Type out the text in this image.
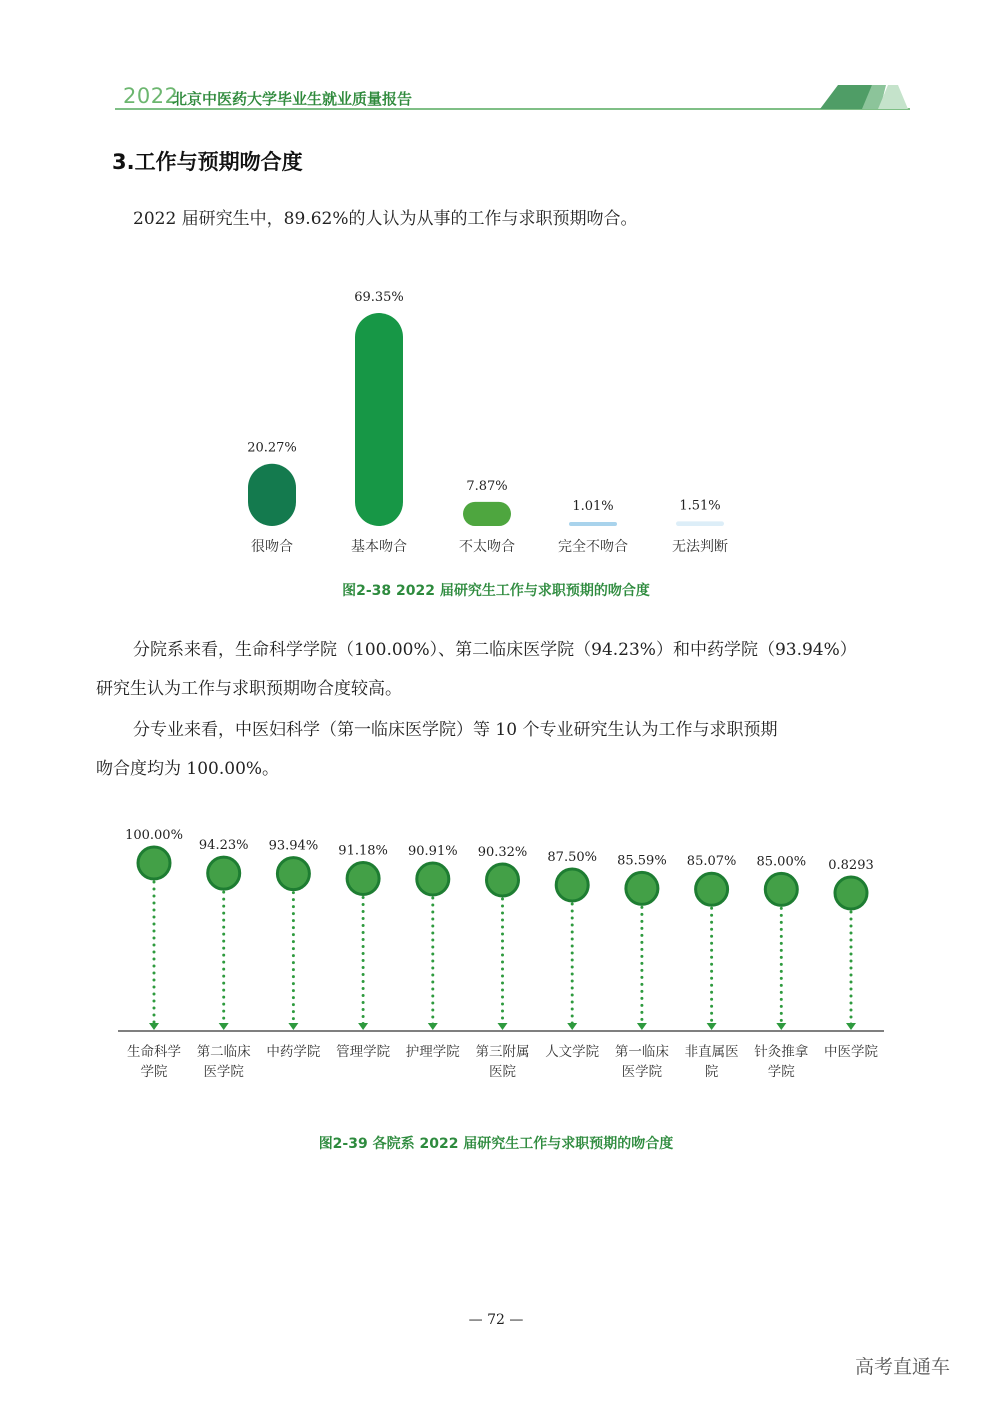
2022
北京中医药大学毕业生就业质量报告
3.工作与预期吻合度
2022 届研究生中，89.62%的人认为从事的工作与求职预期吻合。
20.27%
很吻合
69.35%
基本吻合
7.87%
不太吻合
1.01%
完全不吻合
1.51%
无法判断
图2-38 2022 届研究生工作与求职预期的吻合度
分院系来看，生命科学学院（100.00%）、第二临床医学院（94.23%）和中药学院（93.94%）
研究生认为工作与求职预期吻合度较高。
分专业来看，中医妇科学（第一临床医学院）等 10 个专业研究生认为工作与求职预期
吻合度均为 100.00%。
100.00%
生命科学
学院
94.23%
第二临床
医学院
93.94%
中药学院
91.18%
管理学院
90.91%
护理学院
90.32%
第三附属
医院
87.50%
人文学院
85.59%
第一临床
医学院
85.07%
非直属医
院
85.00%
针灸推拿
学院
0.8293
中医学院
图2-39 各院系 2022 届研究生工作与求职预期的吻合度
— 72 —
高考直通车
